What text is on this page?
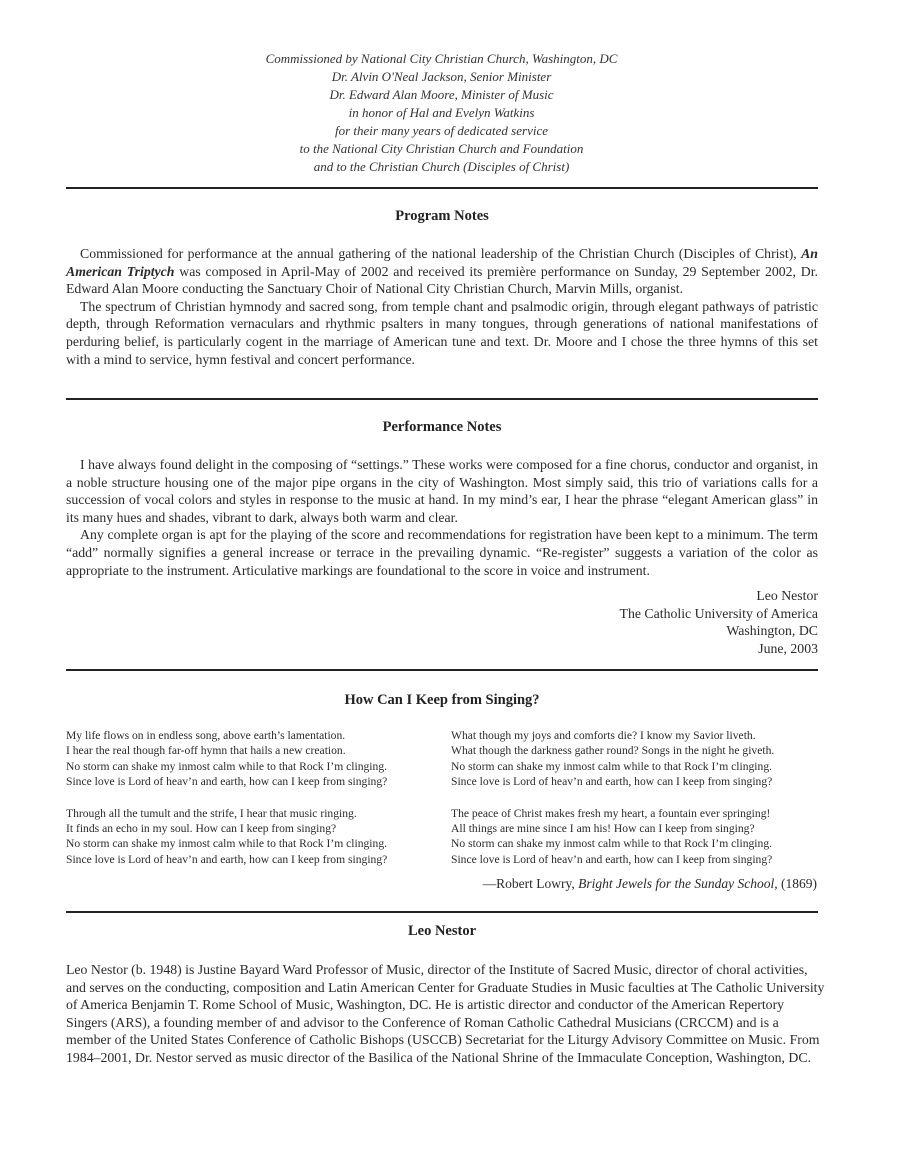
Commissioned by National City Christian Church, Washington, DC
Dr. Alvin O'Neal Jackson, Senior Minister
Dr. Edward Alan Moore, Minister of Music
in honor of Hal and Evelyn Watkins
for their many years of dedicated service
to the National City Christian Church and Foundation
and to the Christian Church (Disciples of Christ)
Program Notes

Commissioned for performance at the annual gathering of the national leadership of the Christian Church (Disciples of Christ), An American Triptych was composed in April-May of 2002 and received its première performance on Sunday, 29 September 2002, Dr. Edward Alan Moore conducting the Sanctuary Choir of National City Christian Church, Marvin Mills, organist.

The spectrum of Christian hymnody and sacred song, from temple chant and psalmodic origin, through elegant pathways of patristic depth, through Reformation vernaculars and rhythmic psalters in many tongues, through generations of national manifestations of perduring belief, is particularly cogent in the marriage of American tune and text. Dr. Moore and I chose the three hymns of this set with a mind to service, hymn festival and concert performance.

Performance Notes

I have always found delight in the composing of “settings.” These works were composed for a fine chorus, conductor and organist, in a noble structure housing one of the major pipe organs in the city of Washington. Most simply said, this trio of variations calls for a succession of vocal colors and styles in response to the music at hand. In my mind’s ear, I hear the phrase “elegant American glass” in its many hues and shades, vibrant to dark, always both warm and clear.

Any complete organ is apt for the playing of the score and recommendations for registration have been kept to a minimum. The term “add” normally signifies a general increase or terrace in the prevailing dynamic. “Re-register” suggests a variation of the color as appropriate to the instrument. Articulative markings are foundational to the score in voice and instrument.

Leo Nestor
The Catholic University of America
Washington, DC
June, 2003
How Can I Keep from Singing?
My life flows on in endless song, above earth’s lamentation.
I hear the real though far-off hymn that hails a new creation.
No storm can shake my inmost calm while to that Rock I’m clinging.
Since love is Lord of heav’n and earth, how can I keep from singing?
Through all the tumult and the strife, I hear that music ringing.
It finds an echo in my soul. How can I keep from singing?
No storm can shake my inmost calm while to that Rock I’m clinging.
Since love is Lord of heav’n and earth, how can I keep from singing?
What though my joys and comforts die? I know my Savior liveth.
What though the darkness gather round? Songs in the night he giveth.
No storm can shake my inmost calm while to that Rock I’m clinging.
Since love is Lord of heav’n and earth, how can I keep from singing?
The peace of Christ makes fresh my heart, a fountain ever springing!
All things are mine since I am his! How can I keep from singing?
No storm can shake my inmost calm while to that Rock I’m clinging.
Since love is Lord of heav’n and earth, how can I keep from singing?
—Robert Lowry, Bright Jewels for the Sunday School, (1869)
Leo Nestor

Leo Nestor (b. 1948) is Justine Bayard Ward Professor of Music, director of the Institute of Sacred Music, director of choral activities, and serves on the conducting, composition and Latin American Center for Graduate Studies in Music faculties at The Catholic University of America Benjamin T. Rome School of Music, Washington, DC. He is artistic director and conductor of the American Repertory Singers (ARS), a founding member of and advisor to the Conference of Roman Catholic Cathedral Musicians (CRCCM) and is a member of the United States Conference of Catholic Bishops (USCCB) Secretariat for the Liturgy Advisory Committee on Music. From 1984–2001, Dr. Nestor served as music director of the Basilica of the National Shrine of the Immaculate Conception, Washington, DC.
